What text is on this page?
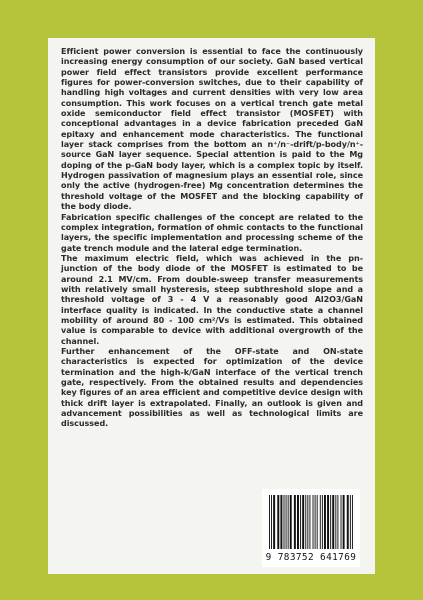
Efficient power conversion is essential to face the continuously increasing energy consumption of our society. GaN based vertical power field effect transistors provide excellent performance figures for power-conversion switches, due to their capability of handling high voltages and current densities with very low area consumption. This work focuses on a vertical trench gate metal oxide semiconductor field effect transistor (MOSFET) with conceptional advantages in a device fabrication preceded GaN epitaxy and enhancement mode characteristics. The functional layer stack comprises from the bottom an n⁺/n⁻-drift/p-body/n⁺-source GaN layer sequence. Special attention is paid to the Mg doping of the p-GaN body layer, which is a complex topic by itself. Hydrogen passivation of magnesium plays an essential role, since only the active (hydrogen-free) Mg concentration determines the threshold voltage of the MOSFET and the blocking capability of the body diode.

Fabrication specific challenges of the concept are related to the complex integration, formation of ohmic contacts to the functional layers, the specific implementation and processing scheme of the gate trench module and the lateral edge termination.

The maximum electric field, which was achieved in the pn- junction of the body diode of the MOSFET is estimated to be around 2.1 MV/cm. From double-sweep transfer measurements with relatively small hysteresis, steep subthreshold slope and a threshold voltage of 3 - 4 V a reasonably good Al2O3/GaN interface quality is indicated. In the conductive state a channel mobility of around 80 - 100 cm²/Vs is estimated. This obtained value is comparable to device with additional overgrowth of the channel.

Further enhancement of the OFF-state and ON-state characteristics is expected for optimization of the device termination and the high-k/GaN interface of the vertical trench gate, respectively. From the obtained results and dependencies key figures of an area efficient and competitive device design with thick drift layer is extrapolated. Finally, an outlook is given and advancement possibilities as well as technological limits are discussed.

9 783752 641769
